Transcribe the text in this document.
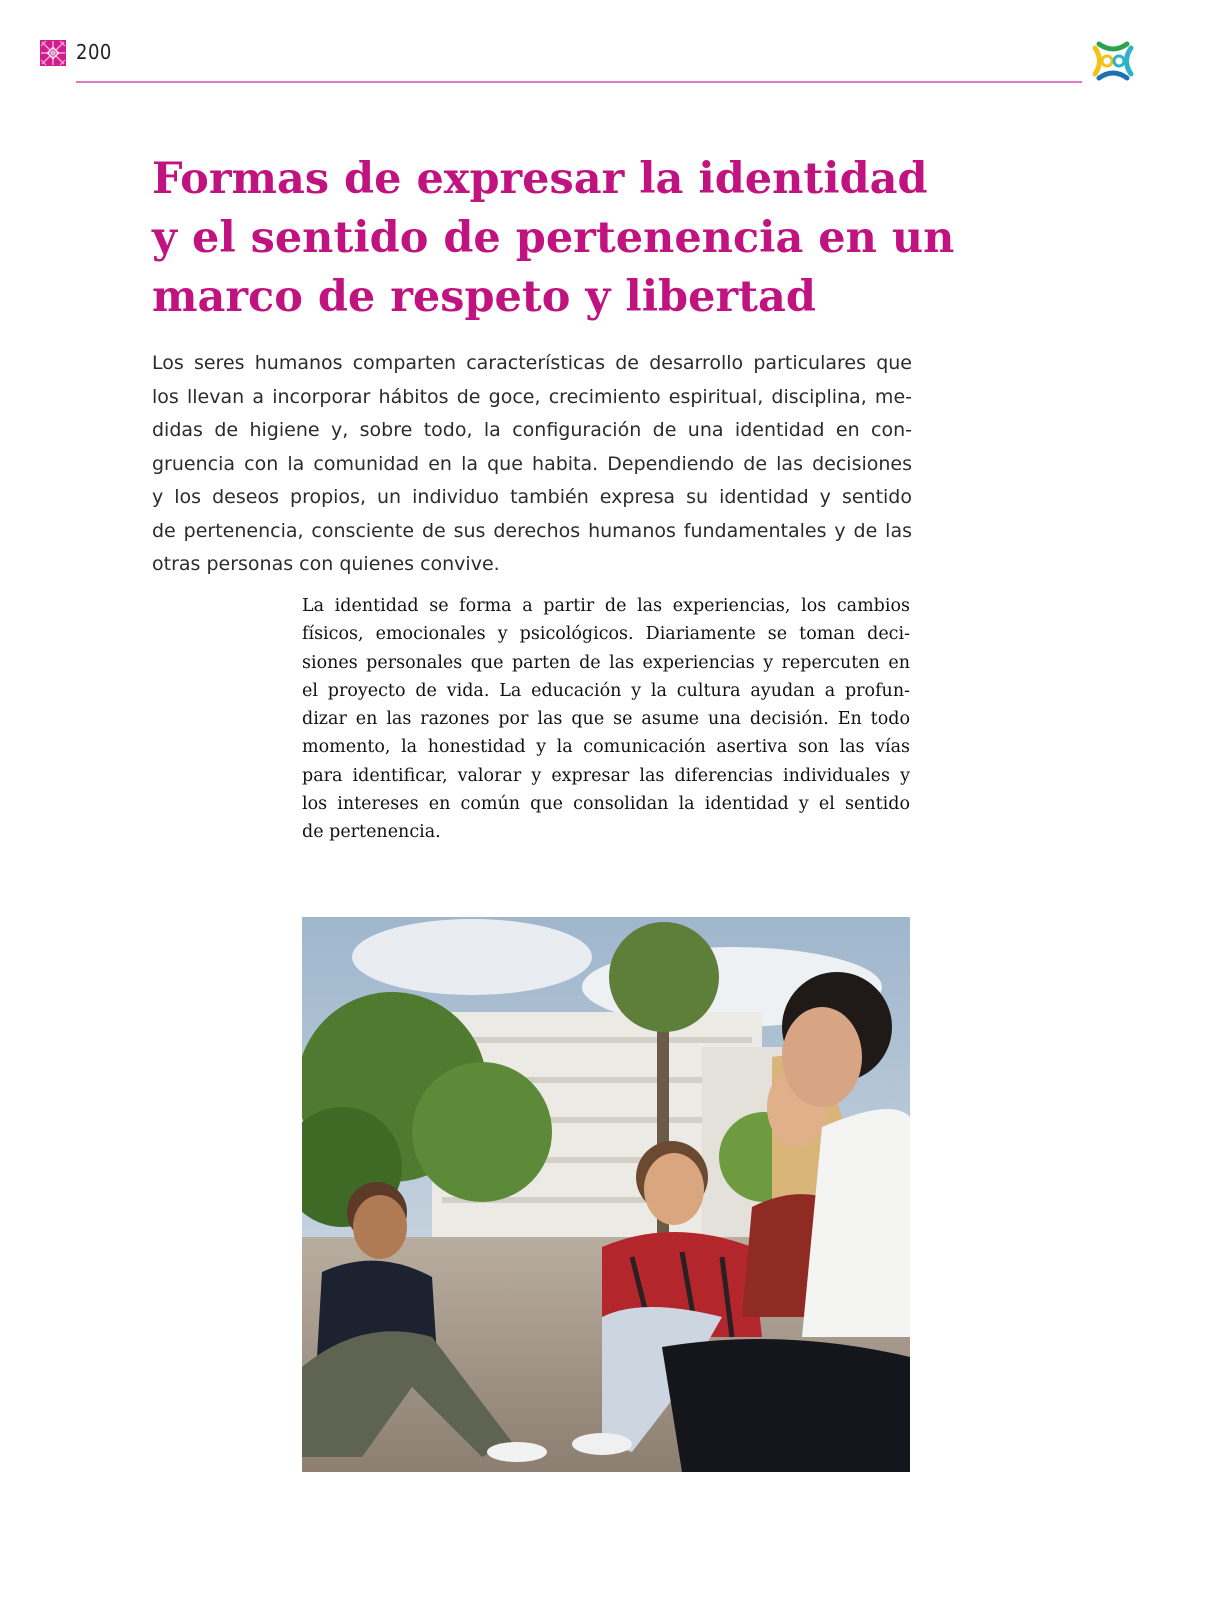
200
Formas de expresar la identidad
y el sentido de pertenencia en un
marco de respeto y libertad

Los seres humanos comparten características de desarrollo particulares que
los llevan a incorporar hábitos de goce, crecimiento espiritual, disciplina, me-
didas de higiene y, sobre todo, la configuración de una identidad en con-
gruencia con la comunidad en la que habita. Dependiendo de las decisiones
y los deseos propios, un individuo también expresa su identidad y sentido
de pertenencia, consciente de sus derechos humanos fundamentales y de las
otras personas con quienes convive.

La identidad se forma a partir de las experiencias, los cambios
físicos, emocionales y psicológicos. Diariamente se toman deci-
siones personales que parten de las experiencias y repercuten en
el proyecto de vida. La educación y la cultura ayudan a profun-
dizar en las razones por las que se asume una decisión. En todo
momento, la honestidad y la comunicación asertiva son las vías
para identificar, valorar y expresar las diferencias individuales y
los intereses en común que consolidan la identidad y el sentido
de pertenencia.
